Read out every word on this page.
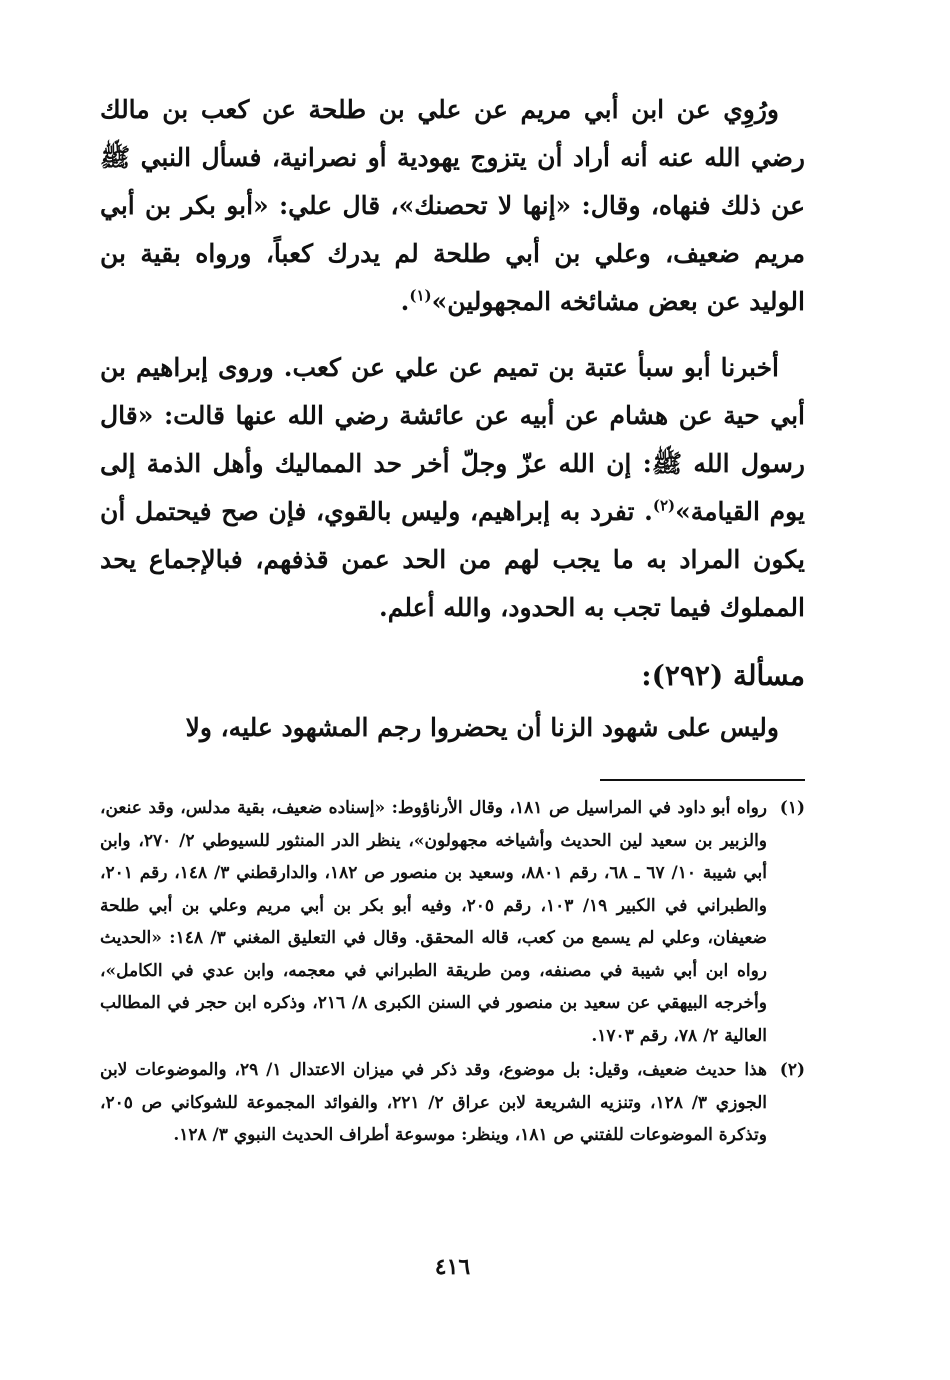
ورُوِي عن ابن أبي مريم عن علي بن طلحة عن كعب بن مالك رضي الله عنه أنه أراد أن يتزوج يهودية أو نصرانية، فسأل النبي ﷺ عن ذلك فنهاه، وقال: «إنها لا تحصنك»، قال علي: «أبو بكر بن أبي مريم ضعيف، وعلي بن أبي طلحة لم يدرك كعباً، ورواه بقية بن الوليد عن بعض مشائخه المجهولين»$^{(١)}$.

أخبرنا أبو سبأ عتبة بن تميم عن علي عن كعب. وروى إبراهيم بن أبي حية عن هشام عن أبيه عن عائشة رضي الله عنها قالت: «قال رسول الله ﷺ: إن الله عزّ وجلّ أخر حد المماليك وأهل الذمة إلى يوم القيامة»$^{(٢)}$. تفرد به إبراهيم، وليس بالقوي، فإن صح فيحتمل أن يكون المراد به ما يجب لهم من الحد عمن قذفهم، فبالإجماع يحد المملوك فيما تجب به الحدود، والله أعلم.

مسألة (٢٩٢):

وليس على شهود الزنا أن يحضروا رجم المشهود عليه، ولا

(١)
رواه أبو داود في المراسيل ص ١٨١، وقال الأرناؤوط: «إسناده ضعيف، بقية مدلس، وقد عنعن، والزبير بن سعيد لين الحديث وأشياخه مجهولون»، ينظر الدر المنثور للسيوطي ٢/ ٢٧٠، وابن أبي شيبة ١٠/ ٦٧ ـ ٦٨، رقم ٨٨٠١، وسعيد بن منصور ص ١٨٢، والدارقطني ٣/ ١٤٨، رقم ٢٠١، والطبراني في الكبير ١٩/ ١٠٣، رقم ٢٠٥، وفيه أبو بكر بن أبي مريم وعلي بن أبي طلحة ضعيفان، وعلي لم يسمع من كعب، قاله المحقق. وقال في التعليق المغني ٣/ ١٤٨: «الحديث رواه ابن أبي شيبة في مصنفه، ومن طريقة الطبراني في معجمه، وابن عدي في الكامل»، وأخرجه البيهقي عن سعيد بن منصور في السنن الكبرى ٨/ ٢١٦، وذكره ابن حجر في المطالب العالية ٢/ ٧٨، رقم ١٧٠٣.
(٢)
هذا حديث ضعيف، وقيل: بل موضوع، وقد ذكر في ميزان الاعتدال ١/ ٢٩، والموضوعات لابن الجوزي ٣/ ١٢٨، وتنزيه الشريعة لابن عراق ٢/ ٢٢١، والفوائد المجموعة للشوكاني ص ٢٠٥، وتذكرة الموضوعات للفتني ص ١٨١، وينظر: موسوعة أطراف الحديث النبوي ٣/ ١٢٨.
٤١٦
